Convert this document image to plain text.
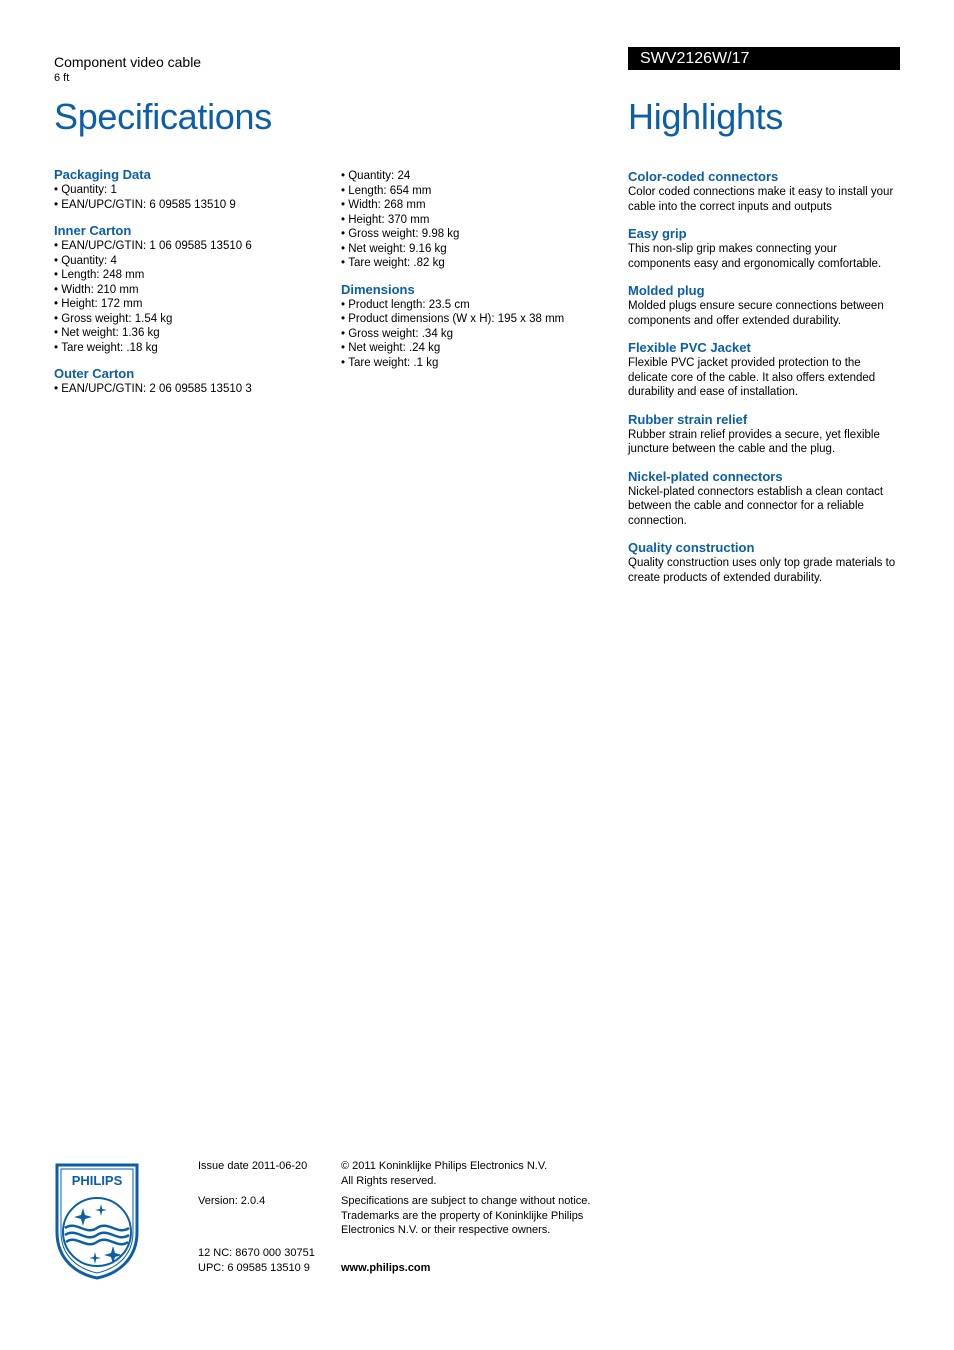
Component video cable
6 ft
Specifications
SWV2126W/17
Highlights
Packaging Data
• Quantity: 1
• EAN/UPC/GTIN: 6 09585 13510 9
Inner Carton
• EAN/UPC/GTIN: 1 06 09585 13510 6
• Quantity: 4
• Length: 248 mm
• Width: 210 mm
• Height: 172 mm
• Gross weight: 1.54 kg
• Net weight: 1.36 kg
• Tare weight: .18 kg
Outer Carton
• EAN/UPC/GTIN: 2 06 09585 13510 3
• Quantity: 24
• Length: 654 mm
• Width: 268 mm
• Height: 370 mm
• Gross weight: 9.98 kg
• Net weight: 9.16 kg
• Tare weight: .82 kg
Dimensions
• Product length: 23.5 cm
• Product dimensions (W x H): 195 x 38 mm
• Gross weight: .34 kg
• Net weight: .24 kg
• Tare weight: .1 kg
Color-coded connectors

Color coded connections make it easy to install your cable into the correct inputs and outputs

Easy grip

This non-slip grip makes connecting your components easy and ergonomically comfortable.

Molded plug

Molded plugs ensure secure connections between components and offer extended durability.

Flexible PVC Jacket

Flexible PVC jacket provided protection to the delicate core of the cable. It also offers extended durability and ease of installation.

Rubber strain relief

Rubber strain relief provides a secure, yet flexible juncture between the cable and the plug.

Nickel-plated connectors

Nickel-plated connectors establish a clean contact between the cable and connector for a reliable connection.

Quality construction

Quality construction uses only top grade materials to create products of extended durability.

PHILIPS
Issue date 2011-06-20
Version: 2.0.4
12 NC: 8670 000 30751
UPC: 6 09585 13510 9
© 2011 Koninklijke Philips Electronics N.V.
All Rights reserved.
Specifications are subject to change without notice.
Trademarks are the property of Koninklijke Philips
Electronics N.V. or their respective owners.
www.philips.com
